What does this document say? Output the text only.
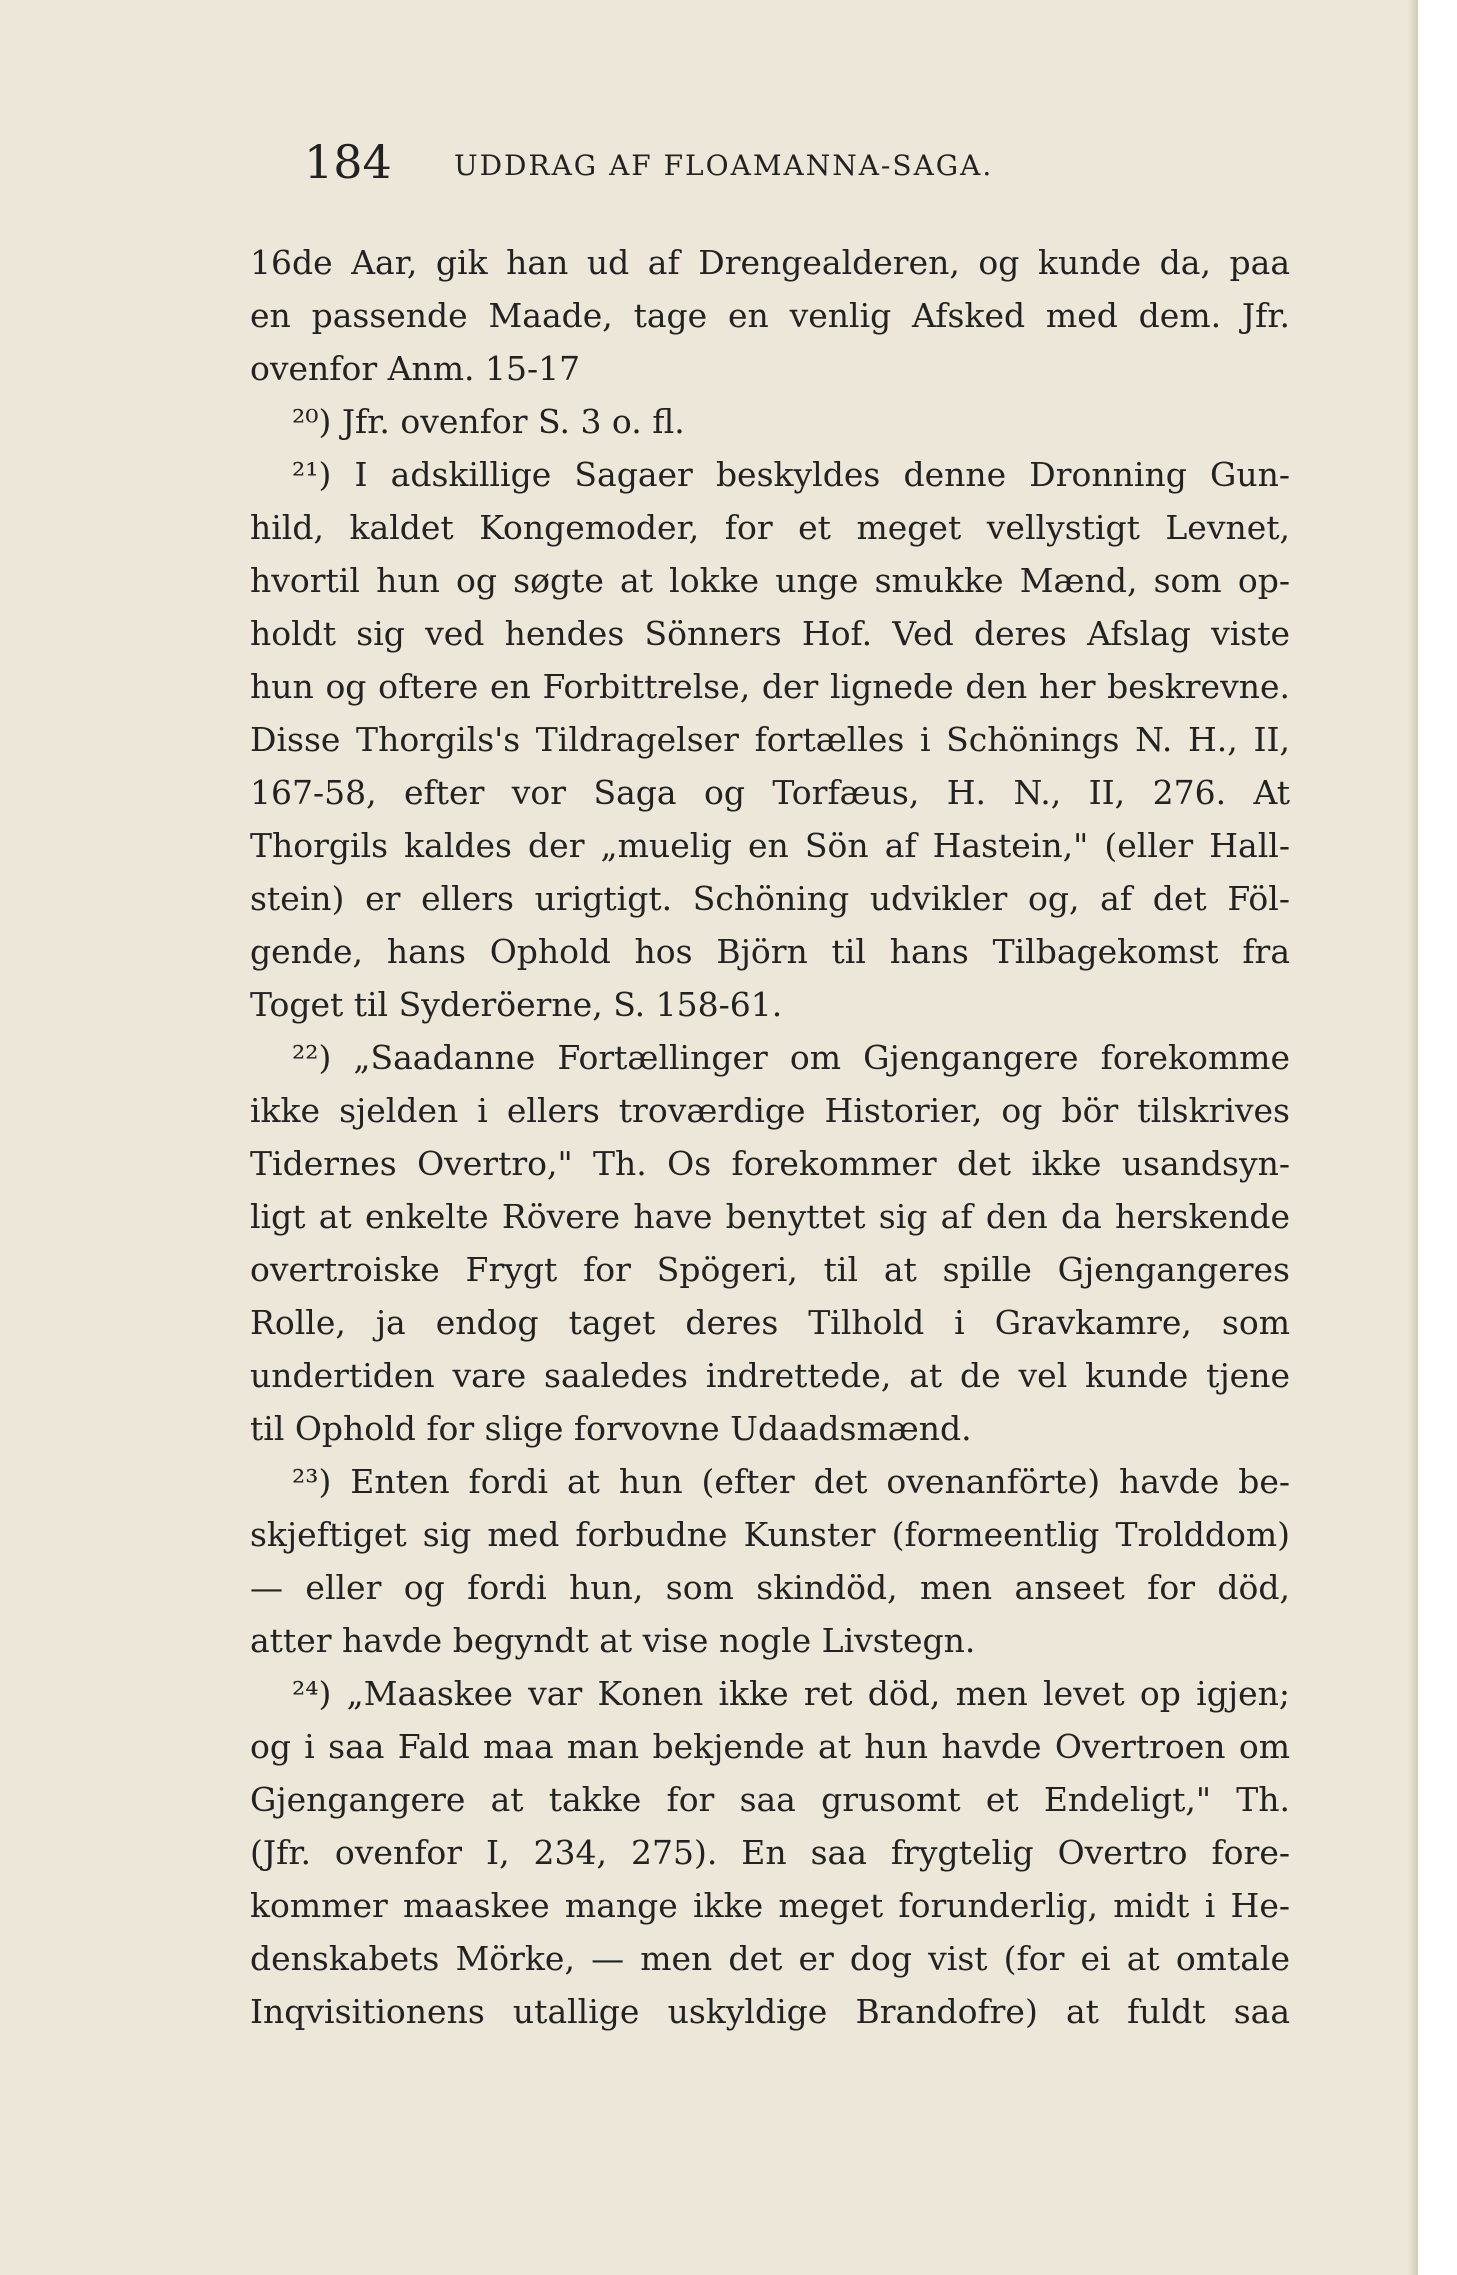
184 UDDRAG AF FLOAMANNA-SAGA.
16de Aar, gik han ud af Drengealderen, og kunde da, paa
en passende Maade, tage en venlig Afsked med dem. Jfr.
ovenfor Anm. 15-17
²⁰) Jfr. ovenfor S. 3 o. fl.
²¹) I adskillige Sagaer beskyldes denne Dronning Gun-
hild, kaldet Kongemoder, for et meget vellystigt Levnet,
hvortil hun og søgte at lokke unge smukke Mænd, som op-
holdt sig ved hendes Sönners Hof. Ved deres Afslag viste
hun og oftere en Forbittrelse, der lignede den her beskrevne.
Disse Thorgils's Tildragelser fortælles i Schönings N. H., II,
167-58, efter vor Saga og Torfæus, H. N., II, 276. At
Thorgils kaldes der „muelig en Sön af Hastein," (eller Hall-
stein) er ellers urigtigt. Schöning udvikler og, af det Föl-
gende, hans Ophold hos Björn til hans Tilbagekomst fra
Toget til Syderöerne, S. 158-61.
²²) „Saadanne Fortællinger om Gjengangere forekomme
ikke sjelden i ellers troværdige Historier, og bör tilskrives
Tidernes Overtro," Th. Os forekommer det ikke usandsyn-
ligt at enkelte Rövere have benyttet sig af den da herskende
overtroiske Frygt for Spögeri, til at spille Gjengangeres
Rolle, ja endog taget deres Tilhold i Gravkamre, som
undertiden vare saaledes indrettede, at de vel kunde tjene
til Ophold for slige forvovne Udaadsmænd.
²³) Enten fordi at hun (efter det ovenanförte) havde be-
skjeftiget sig med forbudne Kunster (formeentlig Trolddom)
— eller og fordi hun, som skindöd, men anseet for död,
atter havde begyndt at vise nogle Livstegn.
²⁴) „Maaskee var Konen ikke ret död, men levet op igjen;
og i saa Fald maa man bekjende at hun havde Overtroen om
Gjengangere at takke for saa grusomt et Endeligt," Th.
(Jfr. ovenfor I, 234, 275). En saa frygtelig Overtro fore-
kommer maaskee mange ikke meget forunderlig, midt i He-
denskabets Mörke, — men det er dog vist (for ei at omtale
Inqvisitionens utallige uskyldige Brandofre) at fuldt saa
